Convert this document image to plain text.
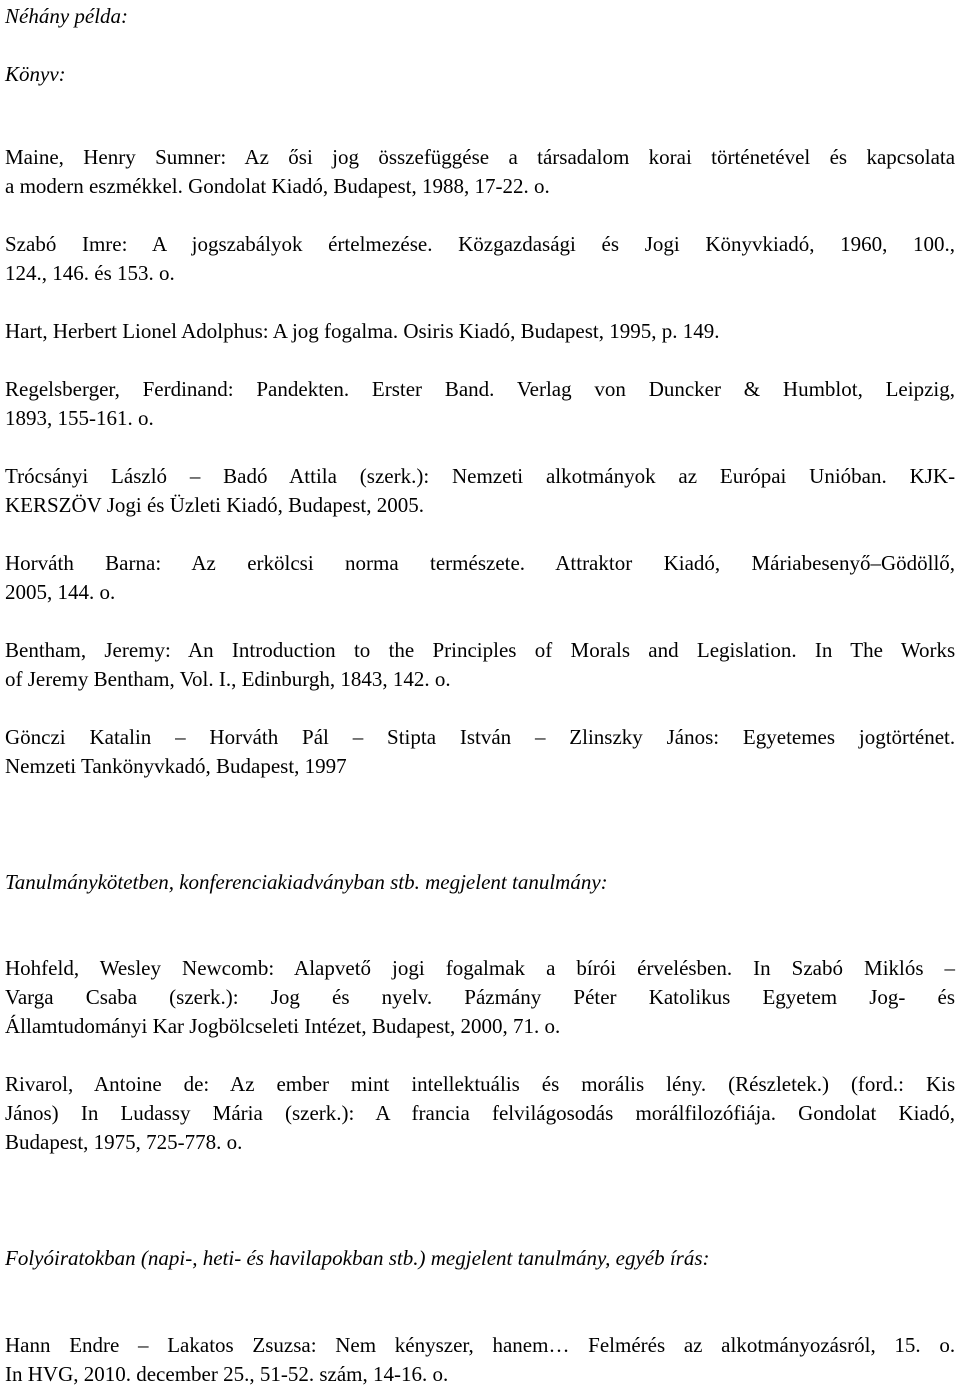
Néhány példa:
Könyv:
Maine, Henry Sumner: Az ősi jog összefüggése a társadalom korai történetével és kapcsolata
a modern eszmékkel. Gondolat Kiadó, Budapest, 1988, 17-22. o.
Szabó Imre: A jogszabályok értelmezése. Közgazdasági és Jogi Könyvkiadó, 1960, 100.,
124., 146. és 153. o.
Hart, Herbert Lionel Adolphus: A jog fogalma. Osiris Kiadó, Budapest, 1995, p. 149.
Regelsberger, Ferdinand: Pandekten. Erster Band. Verlag von Duncker & Humblot, Leipzig,
1893, 155-161. o.
Trócsányi László – Badó Attila (szerk.): Nemzeti alkotmányok az Európai Unióban. KJK-
KERSZÖV Jogi és Üzleti Kiadó, Budapest, 2005.
Horváth Barna: Az erkölcsi norma természete. Attraktor Kiadó, Máriabesenyő–Gödöllő,
2005, 144. o.
Bentham, Jeremy: An Introduction to the Principles of Morals and Legislation. In The Works
of Jeremy Bentham, Vol. I., Edinburgh, 1843, 142. o.
Gönczi Katalin – Horváth Pál – Stipta István – Zlinszky János: Egyetemes jogtörténet.
Nemzeti Tankönyvkadó, Budapest, 1997
Tanulmánykötetben, konferenciakiadványban stb. megjelent tanulmány:
Hohfeld, Wesley Newcomb: Alapvető jogi fogalmak a bírói érvelésben. In Szabó Miklós –
Varga Csaba (szerk.): Jog és nyelv. Pázmány Péter Katolikus Egyetem Jog- és
Államtudományi Kar Jogbölcseleti Intézet, Budapest, 2000, 71. o.
Rivarol, Antoine de: Az ember mint intellektuális és morális lény. (Részletek.) (ford.: Kis
János) In Ludassy Mária (szerk.): A francia felvilágosodás morálfilozófiája. Gondolat Kiadó,
Budapest, 1975, 725-778. o.
Folyóiratokban (napi-, heti- és havilapokban stb.) megjelent tanulmány, egyéb írás:
Hann Endre – Lakatos Zsuzsa: Nem kényszer, hanem… Felmérés az alkotmányozásról, 15. o.
In HVG, 2010. december 25., 51-52. szám, 14-16. o.
